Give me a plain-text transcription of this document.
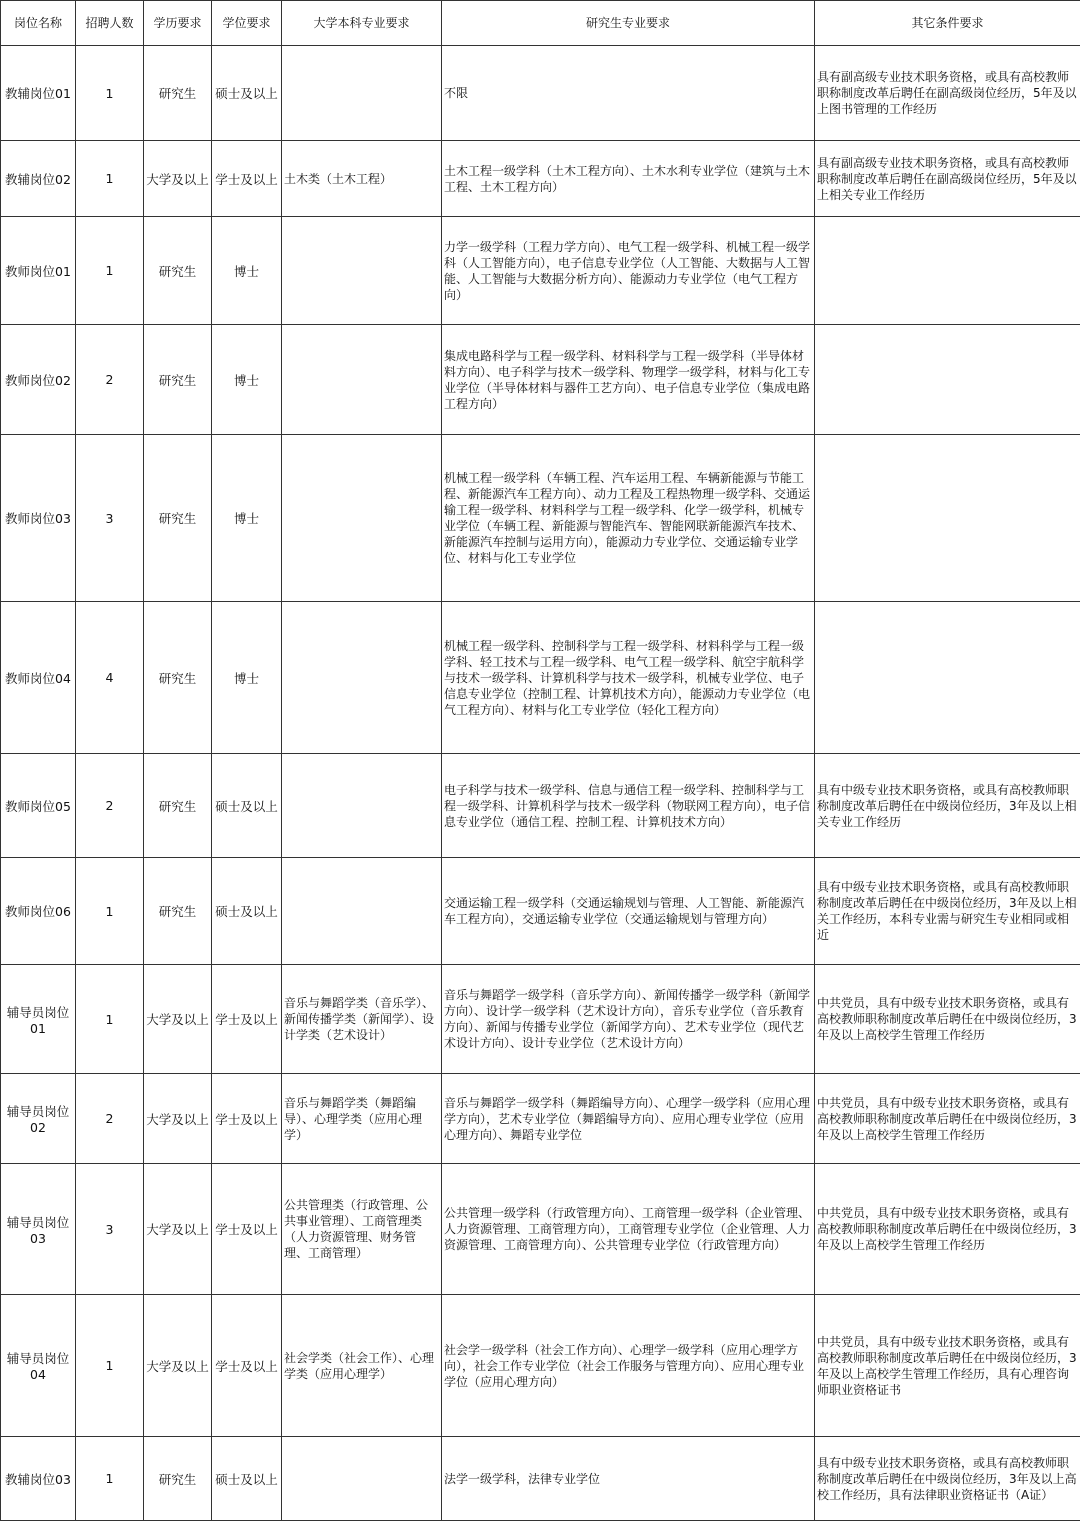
岗位名称	招聘人数	学历要求	学位要求	大学本科专业要求	研究生专业要求	其它条件要求
教辅岗位01	1	研究生	硕士及以上		不限	具有副高级专业技术职务资格，或具有高校教师职称制度改革后聘任在副高级岗位经历，5年及以上图书管理的工作经历
教辅岗位02	1	大学及以上	学士及以上	土木类（土木工程）	土木工程一级学科（土木工程方向）、土木水利专业学位（建筑与土木工程、土木工程方向）	具有副高级专业技术职务资格，或具有高校教师职称制度改革后聘任在副高级岗位经历，5年及以上相关专业工作经历
教师岗位01	1	研究生	博士		力学一级学科（工程力学方向）、电气工程一级学科、机械工程一级学科（人工智能方向），电子信息专业学位（人工智能、大数据与人工智能、人工智能与大数据分析方向）、能源动力专业学位（电气工程方向）	
教师岗位02	2	研究生	博士		集成电路科学与工程一级学科、材料科学与工程一级学科（半导体材料方向）、电子科学与技术一级学科、物理学一级学科，材料与化工专业学位（半导体材料与器件工艺方向）、电子信息专业学位（集成电路工程方向）	
教师岗位03	3	研究生	博士		机械工程一级学科（车辆工程、汽车运用工程、车辆新能源与节能工程、新能源汽车工程方向）、动力工程及工程热物理一级学科、交通运输工程一级学科、材料科学与工程一级学科、化学一级学科，机械专业学位（车辆工程、新能源与智能汽车、智能网联新能源汽车技术、新能源汽车控制与运用方向），能源动力专业学位、交通运输专业学位、材料与化工专业学位	
教师岗位04	4	研究生	博士		机械工程一级学科、控制科学与工程一级学科、材料科学与工程一级学科、轻工技术与工程一级学科、电气工程一级学科、航空宇航科学与技术一级学科、计算机科学与技术一级学科，机械专业学位、电子信息专业学位（控制工程、计算机技术方向），能源动力专业学位（电气工程方向）、材料与化工专业学位（轻化工程方向）	
教师岗位05	2	研究生	硕士及以上		电子科学与技术一级学科、信息与通信工程一级学科、控制科学与工程一级学科、计算机科学与技术一级学科（物联网工程方向），电子信息专业学位（通信工程、控制工程、计算机技术方向）	具有中级专业技术职务资格，或具有高校教师职称制度改革后聘任在中级岗位经历，3年及以上相关专业工作经历
教师岗位06	1	研究生	硕士及以上		交通运输工程一级学科（交通运输规划与管理、人工智能、新能源汽车工程方向），交通运输专业学位（交通运输规划与管理方向）	具有中级专业技术职务资格，或具有高校教师职称制度改革后聘任在中级岗位经历，3年及以上相关工作经历，本科专业需与研究生专业相同或相近
辅导员岗位01	1	大学及以上	学士及以上	音乐与舞蹈学类（音乐学）、新闻传播学类（新闻学）、设计学类（艺术设计）	音乐与舞蹈学一级学科（音乐学方向）、新闻传播学一级学科（新闻学方向）、设计学一级学科（艺术设计方向），音乐专业学位（音乐教育方向）、新闻与传播专业学位（新闻学方向）、艺术专业学位（现代艺术设计方向）、设计专业学位（艺术设计方向）	中共党员，具有中级专业技术职务资格，或具有高校教师职称制度改革后聘任在中级岗位经历，3年及以上高校学生管理工作经历
辅导员岗位02	2	大学及以上	学士及以上	音乐与舞蹈学类（舞蹈编导）、心理学类（应用心理学）	音乐与舞蹈学一级学科（舞蹈编导方向）、心理学一级学科（应用心理学方向），艺术专业学位（舞蹈编导方向）、应用心理专业学位（应用心理方向）、舞蹈专业学位	中共党员，具有中级专业技术职务资格，或具有高校教师职称制度改革后聘任在中级岗位经历，3年及以上高校学生管理工作经历
辅导员岗位03	3	大学及以上	学士及以上	公共管理类（行政管理、公共事业管理）、工商管理类（人力资源管理、财务管理、工商管理）	公共管理一级学科（行政管理方向）、工商管理一级学科（企业管理、人力资源管理、工商管理方向），工商管理专业学位（企业管理、人力资源管理、工商管理方向）、公共管理专业学位（行政管理方向）	中共党员，具有中级专业技术职务资格，或具有高校教师职称制度改革后聘任在中级岗位经历，3年及以上高校学生管理工作经历
辅导员岗位04	1	大学及以上	学士及以上	社会学类（社会工作）、心理学类（应用心理学）	社会学一级学科（社会工作方向）、心理学一级学科（应用心理学方向），社会工作专业学位（社会工作服务与管理方向）、应用心理专业学位（应用心理方向）	中共党员，具有中级专业技术职务资格，或具有高校教师职称制度改革后聘任在中级岗位经历，3年及以上高校学生管理工作经历，具有心理咨询师职业资格证书
教辅岗位03	1	研究生	硕士及以上		法学一级学科，法律专业学位	具有中级专业技术职务资格，或具有高校教师职称制度改革后聘任在中级岗位经历，3年及以上高校工作经历，具有法律职业资格证书（A证）
